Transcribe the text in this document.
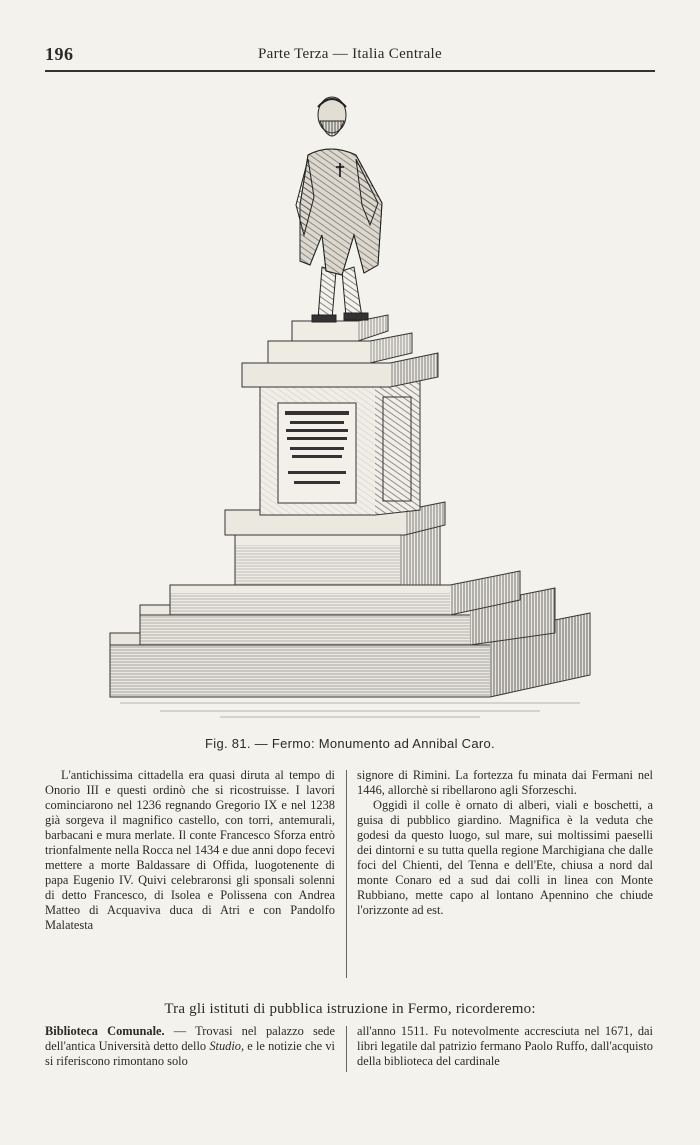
196	Parte Terza — Italia Centrale
Fig. 81. — Fermo: Monumento ad Annibal Caro.

L'antichissima cittadella era quasi diruta al tempo di Onorio III e questi ordinò che si ricostruisse. I lavori cominciarono nel 1236 regnando Gregorio IX e nel 1238 già sorgeva il magnifico castello, con torri, antemurali, barbacani e mura merlate. Il conte Francesco Sforza entrò trionfalmente nella Rocca nel 1434 e due anni dopo fecevi mettere a morte Baldassare di Offida, luogotenente di papa Eugenio IV. Quivi celebraronsi gli sponsali solenni di detto Francesco, di Isolea e Polissena con Andrea Matteo di Acquaviva duca di Atri e con Pandolfo Malatesta

signore di Rimini. La fortezza fu minata dai Fermani nel 1446, allorchè si ribellarono agli Sforzeschi.

Oggidì il colle è ornato di alberi, viali e boschetti, a guisa di pubblico giardino. Magnifica è la veduta che godesi da questo luogo, sul mare, sui moltissimi paeselli dei dintorni e su tutta quella regione Marchigiana che dalle foci del Chienti, del Tenna e dell'Ete, chiusa a nord dal monte Conaro ed a sud dai colli in linea con Monte Rubbiano, mette capo al lontano Apennino che chiude l'orizzonte ad est.

Tra gli istituti di pubblica istruzione in Fermo, ricorderemo:

Biblioteca Comunale. — Trovasi nel palazzo sede dell'antica Università detto dello Studio, e le notizie che vi si riferiscono rimontano solo

all'anno 1511. Fu notevolmente accresciuta nel 1671, dai libri legatile dal patrizio fermano Paolo Ruffo, dall'acquisto della biblioteca del cardinale
